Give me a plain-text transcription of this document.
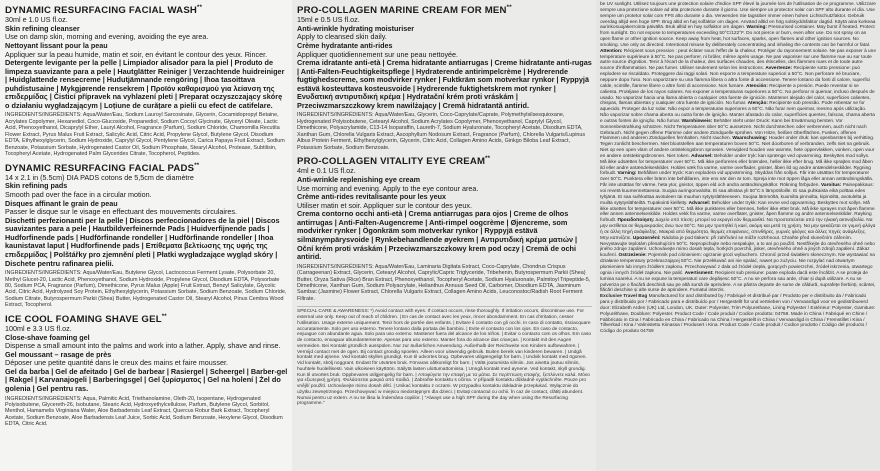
DYNAMIC RESURFACING FACIAL WASH**
30ml e 1.0 US fl.oz.
Skin refining cleanser
Use on damp skin, morning and evening, avoiding the eye area.
Nettoyant lissant pour la peau
Appliquer sur la peau humide, matin et soir, en évitant le contour des yeux. Rincer.
Detergente levigante per la pelle | Limpiador alisador para la piel | Produto de limpeza suavizante para a pele | Hautglätter Reiniger | Verzachtende huidreiniger | Huidglattende rensecreme | Hudutjämnande rengöring | Ihoa tasoittava puhdistusaine | Mykgjørende rensekrem | Προϊόν καθαρισμού για λείανση της επιδερμίδας | Čisticí přípravek na vyhlazení pleti | Preparat oczyszczający skórę o działaniu wygładzającym | Loțiune de curățare a pielii cu efect de catifelare.
INGREDIENTS/INGRÉDIENTS: Aqua/Water/Eau, Sodium Lauroyl Sarcosinate, Glycerin, Cocamidopropyl Betaine, Acrylates Copolymer, Hexanediol, Coco-Glucoside, Propanediol, Sodium Cocoyl Glycinate, Glyceryl Oleate, Lactic Acid, Phenoxyethanol, Dicaprylyl Ether, Lauryl Alcohol, Fragrance (Parfum), Sodium Chloride, Chamomilla Recutita Flower Extract, Pyrus Malus Fruit Extract, Salicylic Acid, Citric Acid, Propylene Glycol, Butylene Glycol, Disodium EDTA, Ethylhexylglycerin, Sodium Hydroxide, Caprylyl Glycol, Pentylene Glycol, Carica Papaya Fruit Extract, Sodium Benzoate, Potassium Sorbate, Hydrogenated Castor Oil, Sodium Phosphate, Stearyl Alcohol, Protease, Subtilisin, Tocopheryl Acetate, Hydrogenated Palm Glycerides Citrate, Tocopherol, Peptides.
DYNAMIC RESURFACING FACIAL PADS**
14 x 2.1 in (5.5cm) DIA PADS cotons de 5,5cm de diamètre
Skin refining pads
Smooth pad over the face in a circular motion.
Disques affinant le grain de peau
Passer le disque sur le visage en effectuant des mouvements circulaires.
Dischetti perfezionanti per la pelle | Discos perfeccionadores de la piel | Discos suavizantes para a pele | Hautbildverfeinernde Pads | Huidverfijnende pads | Hudforfinende pads | Hudförfinande rondeller | Hudförfinande rondeller | Ihoa kaunistavat laput | Hudforfinende pads | Επίθεματα βελτίωσης της υφής της επιδερμίδας | Polštářky pro zjemnění pleti | Płatki wygładzające wygląd skóry | Dischete pentru rafinarea pielii.
INGREDIENTS/INGRÉDIENTS: Aqua/Water/Eau, Butylene Glycol, Lactococcus Ferment Lysate, Polysorbate 20, Methyl Glucet-20, Lactic Acid, Phenoxyethanol, Sodium Hydroxide, Propylene Glycol, Disodium EDTA, Polysorbate 80, Sodium PCA, Fragrance (Parfum), Dimethicone, Pyrus Malus (Apple) Fruit Extract, Benzyl Salicylate, Glycolic Acid, Citric Acid, Hydrolyzed Soy Protein, Ethylhexylglycerin, Potassium Sorbate, Sodium Benzoate, Sodium Chloride, Sodium Citrate, Butyrospermum Parkii (Shea) Butter, Hydrogenated Castor Oil, Stearyl Alcohol, Pinus Cembra Wood Extract, Tocopherol.
ICE COOL FOAMING SHAVE GEL**
100ml e 3.3 US fl.oz.
Close-shave foaming gel
Dispense a small amount into the palms and work into a lather. Apply, shave and rinse.
Gel moussant – rasage de près
Déposer une petite quantité dans le creux des mains et faire mousser.
Gel da barba | Gel de afeitado | Gel de barbear | Rasiergel | Scheergel | Barber-gel | Rakgel | Karvanajogeli | Barberingsgel | Gel ξυρίσματος | Gel na holení | Żel do golenia | Gel pentru ras.
INGREDIENTS/INGRÉDIENTS: Aqua, Palmitic Acid, Triethanolamine, Oleth-20, Isopentane, Hydrogenated Polyisobutene, Glycereth-26, Isobutane, Stearic Acid, Hydroxyethylcellulose, Parfum, Butylene Glycol, Sorbitol, Menthol, Hamamelis Virginiana Water, Aloe Barbadensis Leaf Extract, Quercus Robur Bark Extract, Tocopheryl Acetate, Sodium Benzoate, Aloe Barbadensis Leaf Juice, Sorbic Acid, Sodium Benzoate, Hexylene Glycol, Disodium EDTA, Citric Acid.
PRO-COLLAGEN MARINE CREAM FOR MEN**
15ml e 0.5 US fl.oz.
Anti-wrinkle hydrating moisturiser
Apply to cleansed skin daily.
Crème hydratante anti-rides
Appliquer quotidiennement sur une peau nettoyée.
Crema idratante anti-età | Crema hidratante antiarrugas | Creme hidratante anti-rugas | Anti-Falten-Feuchtigkeitspflege | Hydraterende antirimpelcrème | Hydrerende fugtighedscreme, som modvirker rynker | Fuktkräm som motverkar rynkor | Ryppyjä estävä kosteuttava kosteusvoide | Hydrerende fuktighetskrem mot rynker | Ενυδατική αντιρυτιδική κρέμα | Hydratační krém proti vráskám | Przeciwzmarszczkowy krem nawilżający | Cremă hidratantă antirid.
INGREDIENTS/INGRÉDIENTS: Aqua/Water/Eau, Glycerin, Coco-Caprylate/Caprate, Polymethylsilsesquioxane, Hydrogenated Polyisobutene, Cetearyl Alcohol, Sodium Acrylates Copolymer, Phenoxyethanol, Caprylyl Glycol, Dimethicone, Polyacrylamide, C13-14 Isoparaffin, Laureth-7, Sodium Hyaluronate, Tocopheryl Acetate, Disodium EDTA, Xanthan Gum, Chlorella Vulgaris Extract, Ascophyllum Nodosum Extract, Fragrance (Parfum), Chlorella Vulgaris/Lupinus Albus Protein Ferment, Ethylhexylglycerin, Glycerin, Citric Acid, Collagen Amino Acids, Ginkgo Biloba Leaf Extract, Potassium Sorbate, Sodium Benzoate.
PRO-COLLAGEN VITALITY EYE CREAM**
4ml e 0.1 US fl.oz.
Anti-wrinkle replenishing eye cream
Use morning and evening. Apply to the eye contour area.
Crème anti-rides revitalisante pour les yeux
Utiliser matin et soir. Appliquer sur le contour des yeux.
Crema contorno occhi anti-età | Crema antiarrugas para ojos | Creme de olhos antirrugas | Anti-Falten-Augencreme | Anti-rimpel oogcrème | Øjencreme, som modvirker rynker | Ögonkräm som motverkar rynkor | Ryppyjä estävä silmänympärysvoide | Rynkebehandlende øyekrem | Αντιρυτιδική κρέμα ματιών | Oční krém proti vráskám | Przeciwzmarszczkowy krem pod oczy | Cremă de ochi antirid.
INGREDIENTS/INGRÉDIENTS: Aqua/Water/Eau, Laminaria Digitata Extract, Coco-Caprylate, Chondrus Crispus (Carrageenan) Extract, Glycerin, Cetearyl Alcohol, Caprylic/Capric Triglyceride, Tribehenin, Butyrospermum Parkii (Shea) Butter, Oryza Sativa (Rice) Bran Extract, Phenoxyethanol, Tocopheryl Acetate, Sodium Hyaluronate, Palmitoyl Tripeptide-5, Dimethicone, Xanthan Gum, Sodium Polyacrylate, Helianthus Annuus Seed Oil, Carbomer, Disodium EDTA, Jasminum Sambac (Jasmine) Flower Extract, Chlorella Vulgaris Extract, Collagen Amino Acids, Leuconostoc/Radish Root Ferment Filtrate.
SPECIAL CARE & AWARENESS: *) Avoid contact with eyes. If contact occurs, rinse thoroughly. If irritation occurs, discontinue use. For external use only. Keep out of reach of children. | En cas de contact avec les yeux, rincer abondamment. En cas d'irritation, cesser l'utilisation. Usage externe uniquement. Tenir hors de portée des enfants. | Evitare il contatto con gli occhi. In caso di contatto, risciacquare accuratamente. Solo per uso esterno. Tenere lontano dalla portata dei bambini. | Evite el contacto con los ojos. En caso de contacto, enjuague con abundante agua. Solo para uso externo. Mantener fuera del alcance de los niños. | Evitar o contacto com os olhos. Em caso de contacto, enxaguar abundantemente. Apenas para uso externo. Manter fora do alcance das crianças. | Kontakt mit den Augen vermeiden. Bei Kontakt gründlich ausspülen. Nur zur äußerlichen Anwendung. Außerhalb der Reichweite von Kindern aufbewahren. | Vermijd contact met de ogen. Bij contact grondig spoelen. Alleen voor uitwendig gebruik. Buiten bereik van kinderen bewaren. | Undgå kontakt med øjnene. Ved kontakt skylles grundigt. Kun til udvortes brug. Opbevares utilgængeligt for børn. | Undvik kontakt med ögonen. Vid kontakt, skölj noggrant. Endast för utvärtes bruk. Förvaras oåtkomligt för barn. | Vältä joutumista silmiin. Jos ainetta joutuu silmiin, huuhtele huolellisesti. Vain ulkoiseen käyttöön. Säilytä lasten ulottumattomissa. | Unngå kontakt med øynene. Ved kontakt, skyll grundig. Kun til utvortes bruk. Oppbevares utilgjengelig for barn. | Αποφύγετε την επαφή με τα μάτια. Σε περίπτωση επαφής, ξεπλύνετε καλά. Μόνο για εξωτερική χρήση. Φυλάσσεται μακριά από παιδιά. | Zabraňte kontaktu s očima. V případě kontaktu důkladně vypláchněte. Pouze pro vnější použití. Uchovávejte mimo dosah dětí. | Unikać kontaktu z oczami. W przypadku kontaktu dokładnie przepłukać. Wyłącznie do użytku zewnętrznego. Przechowywać w miejscu niedostępnym dla dzieci. | Evitați contactul cu ochii. În caz de contact, clătiți abundent. Numai pentru uz extern. A nu se lăsa la îndemâna copiilor. | "Always use a high SPF during the day when using the Resurfacing programme."
be UV sunlight. Utilisez toujours une protection solaire d'indice SPF élevé la journée lors de l'utilisation de ce programme. Utilizzare sempre una protezione solare ad alta protezione durante il giorno. Use siempre un protector solar con SPF alto durante el día. Use sempre um protetor solar com FPS alto durante o dia. Verwenden Sie tagsüber immer einen hohen Lichtschutzfaktor. Gebruik overdag altijd een hoge SPF. Brug altid en høj solfaktor om dagen. Använd alltid en hög solskyddsfaktor dagtid. Käytä aina korkeaa aurinkosuojakerrointa päivällä. Bruk alltid en høy solfaktor om dagen. Warning: Pressurised container. May burst if heated. Protect from sunlight. Do not expose to temperatures exceeding 50°C/122°F. Do not pierce or burn, even after use. Do not spray on an open flame or other ignition source. Keep away from heat, hot surfaces, sparks, open flames and other ignition sources. No smoking. Use only as directed. Intentional misuse by deliberately concentrating and inhaling the contents can be harmful or fatal. Attention: Récipient sous pression : peut éclater sous l'effet de la chaleur. Protéger du rayonnement solaire. Ne pas exposer à une température supérieure à 50°C. Ne pas perforer, ni brûler, même après usage. Ne pas vaporiser sur une flamme nue ou sur toute autre source d'ignition. Tenir à l'écart de la chaleur, des surfaces chaudes, des étincelles, des flammes nues et de toute autre source d'inflammation. Ne pas fumer. Utiliser seulement selon les instructions. Avvertenze: Recipiente sotto pressione: può esplodere se riscaldato. Proteggere dai raggi solari. Non esporre a temperature superiori a 50°C. Non perforare né bruciare, neppure dopo l'uso. Non vaporizzare su una fiamma libera o altra fonte di accensione. Tenere lontano da fonti di calore, superfici calde, scintille, fiamme libere o altre fonti di accensione. Non fumare. Atención: Recipiente a presión. Puede reventar si se calienta. Protéjase de los rayos solares. No exponer a temperaturas superiores a 50°C. No perforar ni quemar, incluso después de usado. No vaporizar hacia una llama abierta o cualquier otra fuente de ignición. Mantener alejado del calor, superficies calientes, chispas, llamas abiertas y cualquier otra fuente de ignición. No fumar. Atenção: Recipiente sob pressão. Pode rebentar se for aquecido. Proteger da luz solar. Não expor a temperaturas superiores a 50°C. Não furar nem queimar, mesmo após utilização. Não vaporizar sobre chama aberta ou outra fonte de ignição. Manter afastado do calor, superfícies quentes, faíscas, chama aberta e outras fontes de ignição. Não fumar. Warnhinweis: Behälter steht unter Druck: Kann bei Erwärmung bersten. Vor Sonnenbestrahlung schützen. Nicht Temperaturen über 50°C aussetzen. Nicht durchstechen oder verbrennen, auch nicht nach Gebrauch. Nicht gegen offene Flamme oder andere Zündquelle sprühen. Von Hitze, heißen Oberflächen, Funken, offenen Flammen und anderen Zündquellen fernhalten. Nicht rauchen. Waarschuwing: Houder onder druk: kan openbarsten bij verhitting. Tegen zonlicht beschermen. Niet blootstellen aan temperaturen boven 50°C. Niet doorboren of verbranden, zelfs niet na gebruik. Niet op een open vlam of andere ontstekingsbron sproeien. Verwijderd houden van warmte, hete oppervlakken, vonken, open vuur en andere ontstekingsbronnen. Niet roken. Advarsel: Beholder under tryk: kan sprænge ved opvarmning. Beskyttes mod sollys. Må ikke udsættes for temperaturer over 50°C. Må ikke perforeres eller brændes, heller ikke efter brug. Må ikke sprøjtes mod åben ild eller andre antændelseskilder. Holdes væk fra varme, varme overflader, gnister, åben ild og andre antændelseskilder. Rygning forbudt. Varning: Behållare under tryck: Kan explodera vid uppvärmning. Skyddas från solljus. Får inte utsättas för temperaturer över 50°C. Punktera eller bränn inte behållaren, inte ens när den är tom. Spreja inte mot öppen låga eller annan antändningskälla. Får inte utsättas för värme, heta ytor, gnistor, öppen eld och andra antändningskällor. Rökning förbjuden. Varoitus: Painepakkaus: voi revetä kuumennettaessa. Suojaa auringonvalolta. Ei saa altistaa yli 50°C:n lämpötiloille. Ei saa puhkaista eikä polttaa edes tyhjänä. Ei saa suihkuttaa avotuleen tai muuhun sytytyslähteeseen. Suojaa lämmöltä, kuumilta pinnoilta, kipinöiltä, avotulelta ja muilta sytytyslähteiltä. Tupakointi kielletty. Advarsel: Beholder under trykk: Kan revne ved oppvarming. Beskyttes mot sollys. Må ikke utsettes for temperaturer over 50°C. Må ikke punkteres eller brennes, heller ikke etter bruk. Må ikke sprayes mot åpen flamme eller annen antennelseskilde. Holdes vekk fra varme, varme overflater, gnister, åpen flamme og andre antennelseskilder. Røyking forbudt. Προειδοποίηση: Δοχείο υπό πίεση: μπορεί να εκραγεί εάν θερμανθεί. Να προστατεύεται από την ηλιακή ακτινοβολία. Να μην εκτίθεται σε θερμοκρασίες άνω των 50°C. Να μην τρυπηθεί ή καεί, ακόμη και μετά τη χρήση. Να μην ψεκάζεται σε γυμνή φλόγα ή σε άλλη πηγή ανάφλεξης. Μακριά από θερμότητα, θερμές επιφάνειες, σπινθήρες, γυμνές φλόγες και άλλες πηγές ανάφλεξης. Μην καπνίζετε. Upozornění: Nádoba je pod tlakem: při zahřívání se může roztrhnout. Chraňte před slunečním zářením. Nevystavujte teplotám přesahujícím 50°C. Nepropichujte nebo nespalujte, a to ani po použití. Nestříkejte do otevřeného ohně nebo jiného zdroje zapálení. Uchovávejte mimo dosah tepla, horkých povrchů, jisker, otevřeného ohně a jiných zdrojů zapálení. Zákaz kouření. Ostrzeżenie: Pojemnik pod ciśnieniem: ogrzanie grozi wybuchem. Chronić przed światłem słonecznym. Nie wystawiać na działanie temperatury przekraczającej 50°C. Nie przekłuwać ani nie spalać, nawet po zużyciu. Nie rozpylać nad otwartym płomieniem lub innym źródłem zapłonu. Przechowywać z dala od źródeł ciepła, gorących powierzchni, źródeł iskrzenia, otwartego ognia i innych źródeł zapłonu. Nie palić. Avertisment: Recipient sub presiune: poate exploda dacă este încălzit. A se proteja de lumina soarelui. A nu se expune la temperaturi care depășesc 50°C. A nu se perfora sau arde, chiar și după utilizare. A nu se pulveriza pe o flacără deschisă sau pe altă sursă de aprindere. A se păstra departe de surse de căldură, suprafețe fierbinți, scântei, flăcări deschise și alte surse de aprindere. Fumatul interzis.
Exclusive Travel Bag Manufactured for and distributed by / Fabriqué et distribué par / Prodotto per e distribuito da / Fabricado para y distribuido por / Fabricado para e distribuído por / Hergestellt für und vertrieben von / Vervaardigd voor en gedistribueerd door: Elizabeth Arden (UK) Ltd, London, UK. Outer: Polyester, Trim Polyurethane, Lining Polyester / Extérieur: Polyester, Garniture: Polyuréthane, Doublure: Polyester. Product Code / Code produit / Codice prodotto: 04759. Made in China / Fabriqué en Chine / Fabbricato in Cina / Fabricado en China / Fabricado na China / Hergestellt in China / Vervaardigd in China / Fremstillet i Kina / Tillverkad i Kina / Valmistettu Kiinassa / Produsert i Kina. Product Code / Code produit / Codice prodotto / Código del producto / Código do produto 04759
